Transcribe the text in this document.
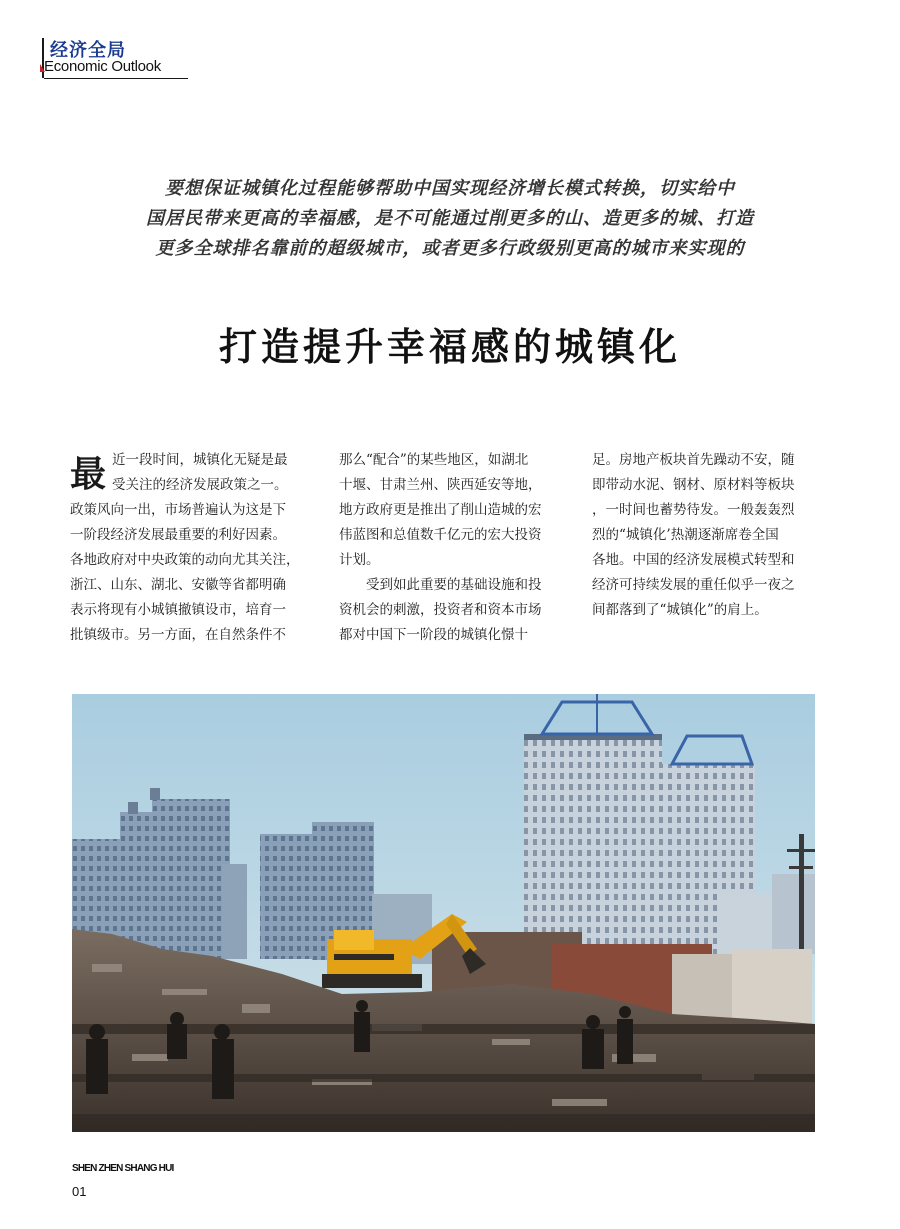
经济全局
Economic Outlook
要想保证城镇化过程能够帮助中国实现经济增长模式转换，切实给中
国居民带来更高的幸福感，是不可能通过削更多的山、造更多的城、打造
更多全球排名靠前的超级城市，或者更多行政级别更高的城市来实现的
打造提升幸福感的城镇化
最 近一段时间，城镇化无疑是最
受关注的经济发展政策之一。
政策风向一出，市场普遍认为这是下
一阶段经济发展最重要的利好因素。
各地政府对中央政策的动向尤其关注，
浙江、山东、湖北、安徽等省都明确
表示将现有小城镇撤镇设市，培育一
批镇级市。另一方面，在自然条件不
那么“配合”的某些地区，如湖北
十堰、甘肃兰州、陕西延安等地，
地方政府更是推出了削山造城的宏
伟蓝图和总值数千亿元的宏大投资
计划。
受到如此重要的基础设施和投
资机会的刺激，投资者和资本市场
都对中国下一阶段的城镇化憬十
足。房地产板块首先躁动不安，随
即带动水泥、钢材、原材料等板块
，一时间也蓄势待发。一般轰轰烈
烈的“城镇化’热潮逐渐席卷全国
各地。中国的经济发展模式转型和
经济可持续发展的重任似乎一夜之
间都落到了“城镇化”的肩上。
SHEN ZHEN SHANG HUI
01
